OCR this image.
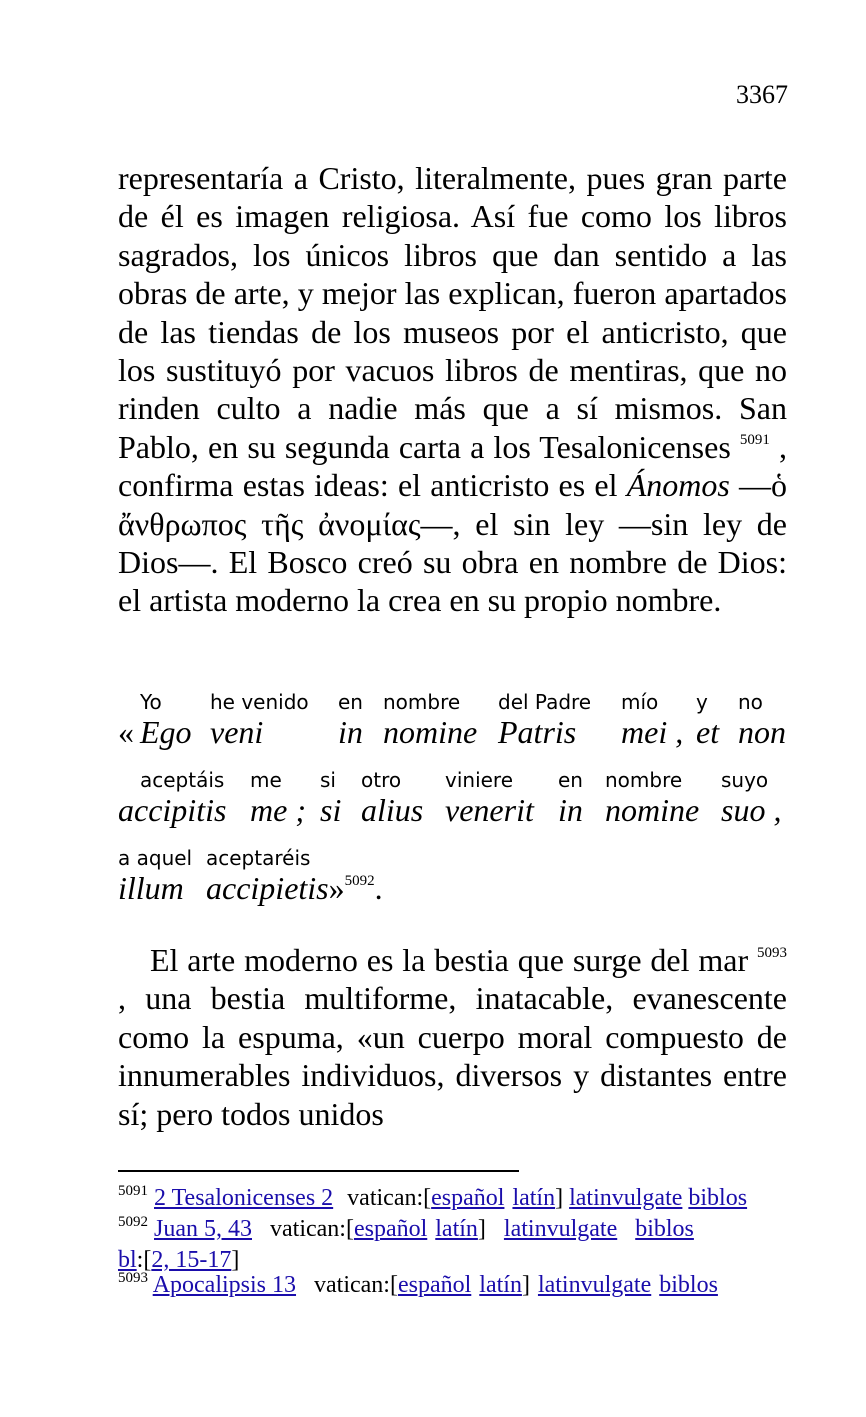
3367

representaría a Cristo, literalmente, pues gran parte de él es imagen religiosa. Así fue como los libros sagrados, los únicos libros que dan sentido a las obras de arte, y mejor las explican, fueron apartados de las tiendas de los museos por el anticristo, que los sustituyó por vacuos libros de mentiras, que no rinden culto a nadie más que a sí mismos. San Pablo, en su segunda carta a los Tesalonicenses $^{5091}$ , confirma estas ideas: el anticristo es el Ánomos —ὁ ἄνθρωπος τῆς ἀνομίας—, el sin ley —sin ley de Dios—. El Bosco creó su obra en nombre de Dios: el artista moderno la crea en su propio nombre.

Yo he venido en nombre del Padre mío y no
« Ego veni in nomine Patris mei , et non
aceptáis me si otro viniere en nombre suyo
accipitis me ; si alius venerit in nomine suo ,
a aquel aceptaréis
illum accipietis»$^{5092}$.

El arte moderno es la bestia que surge del mar $^{5093}$ , una bestia multiforme, inatacable, evanescente como la espuma, «un cuerpo moral compuesto de innumerables individuos, diversos y distantes entre sí; pero todos unidos

$^{5091}$ 2 Tesalonicenses 2 vatican:[español latín] latinvulgate biblos
$^{5092}$ Juan 5, 43 vatican:[español latín] latinvulgate biblos
bl:[2, 15-17]
$^{5093}$ Apocalipsis 13 vatican:[español latín] latinvulgate biblos
